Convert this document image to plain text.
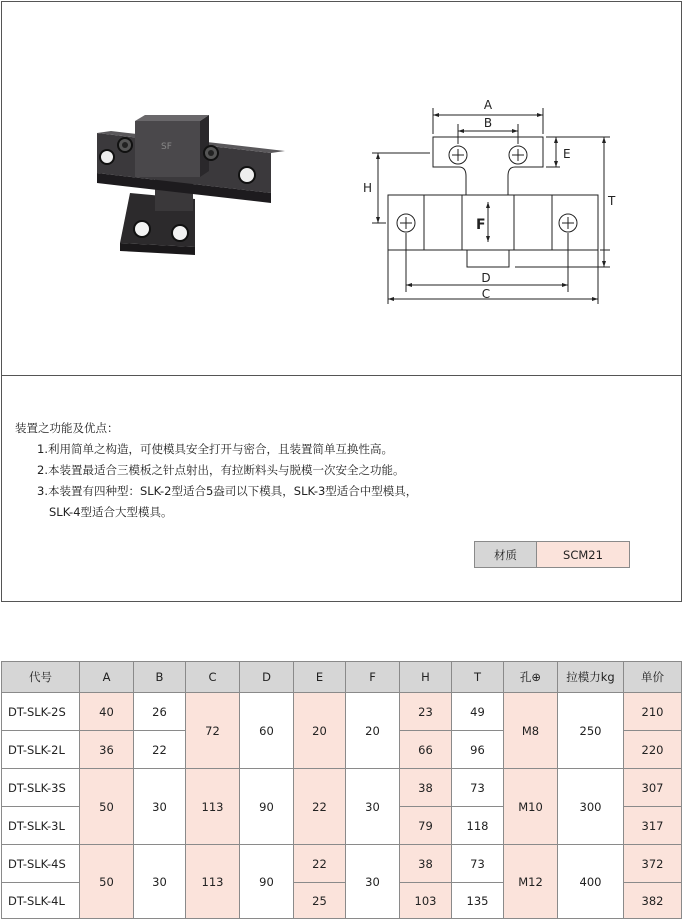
SF
A
B
E
T
H
F
D
C
装置之功能及优点：
1.利用简单之构造，可使模具安全打开与密合，且装置简单互换性高。
2.本装置最适合三模板之针点射出，有拉断料头与脱模一次安全之功能。
3.本装置有四种型：SLK-2型适合5盎司以下模具，SLK-3型适合中型模具，
SLK-4型适合大型模具。
材质	SCM21
代号	A	B	C	D	E	F	H	T	孔⊕	拉模力kg	单价
DT-SLK-2S	40	26	72	60	20	20	23	49	M8	250	210
DT-SLK-2L	36	22					66	96			220
DT-SLK-3S	50	30	113	90	22	30	38	73	M10	300	307
DT-SLK-3L							79	118			317
DT-SLK-4S	50	30	113	90	22	30	38	73	M12	400	372
DT-SLK-4L					25		103	135			382
